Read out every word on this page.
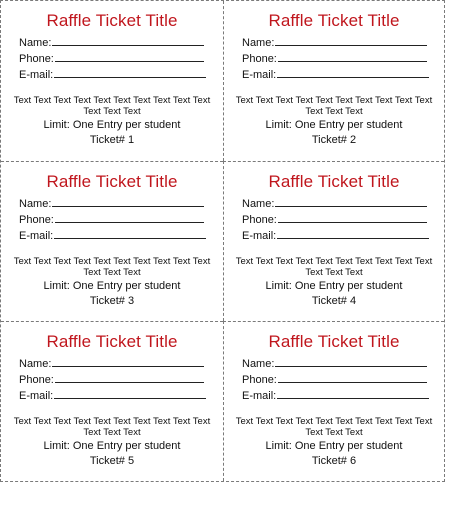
Raffle Ticket Title
Name:
Phone:
E-mail:
Text Text Text Text Text Text Text Text Text Text Text Text Text
Limit: One Entry per student
Ticket# 1
Raffle Ticket Title
Name:
Phone:
E-mail:
Text Text Text Text Text Text Text Text Text Text Text Text Text
Limit: One Entry per student
Ticket# 2
Raffle Ticket Title
Name:
Phone:
E-mail:
Text Text Text Text Text Text Text Text Text Text Text Text Text
Limit: One Entry per student
Ticket# 3
Raffle Ticket Title
Name:
Phone:
E-mail:
Text Text Text Text Text Text Text Text Text Text Text Text Text
Limit: One Entry per student
Ticket# 4
Raffle Ticket Title
Name:
Phone:
E-mail:
Text Text Text Text Text Text Text Text Text Text Text Text Text
Limit: One Entry per student
Ticket# 5
Raffle Ticket Title
Name:
Phone:
E-mail:
Text Text Text Text Text Text Text Text Text Text Text Text Text
Limit: One Entry per student
Ticket# 6
